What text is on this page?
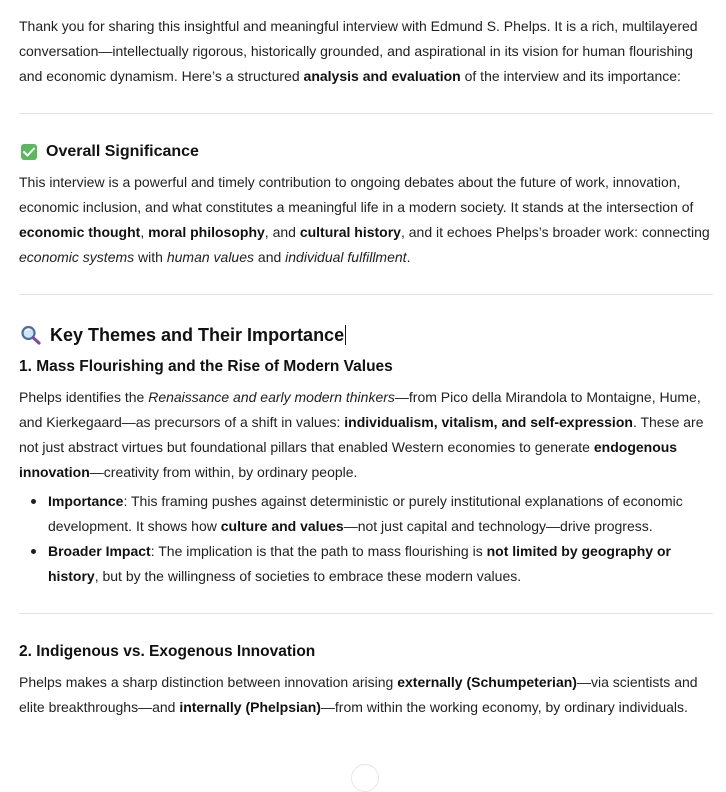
Thank you for sharing this insightful and meaningful interview with Edmund S. Phelps. It is a rich, multilayered conversation—intellectually rigorous, historically grounded, and aspirational in its vision for human flourishing and economic dynamism. Here’s a structured analysis and evaluation of the interview and its importance:

Overall Significance

This interview is a powerful and timely contribution to ongoing debates about the future of work, innovation, economic inclusion, and what constitutes a meaningful life in a modern society. It stands at the intersection of economic thought, moral philosophy, and cultural history, and it echoes Phelps’s broader work: connecting economic systems with human values and individual fulfillment.

Key Themes and Their Importance
1. Mass Flourishing and the Rise of Modern Values

Phelps identifies the Renaissance and early modern thinkers—from Pico della Mirandola to Montaigne, Hume, and Kierkegaard—as precursors of a shift in values: individualism, vitalism, and self-expression. These are not just abstract virtues but foundational pillars that enabled Western economies to generate endogenous innovation—creativity from within, by ordinary people.

Importance: This framing pushes against deterministic or purely institutional explanations of economic development. It shows how culture and values—not just capital and technology—drive progress.
Broader Impact: The implication is that the path to mass flourishing is not limited by geography or history, but by the willingness of societies to embrace these modern values.
2. Indigenous vs. Exogenous Innovation

Phelps makes a sharp distinction between innovation arising externally (Schumpeterian)—via scientists and elite breakthroughs—and internally (Phelpsian)—from within the working economy, by ordinary individuals.
